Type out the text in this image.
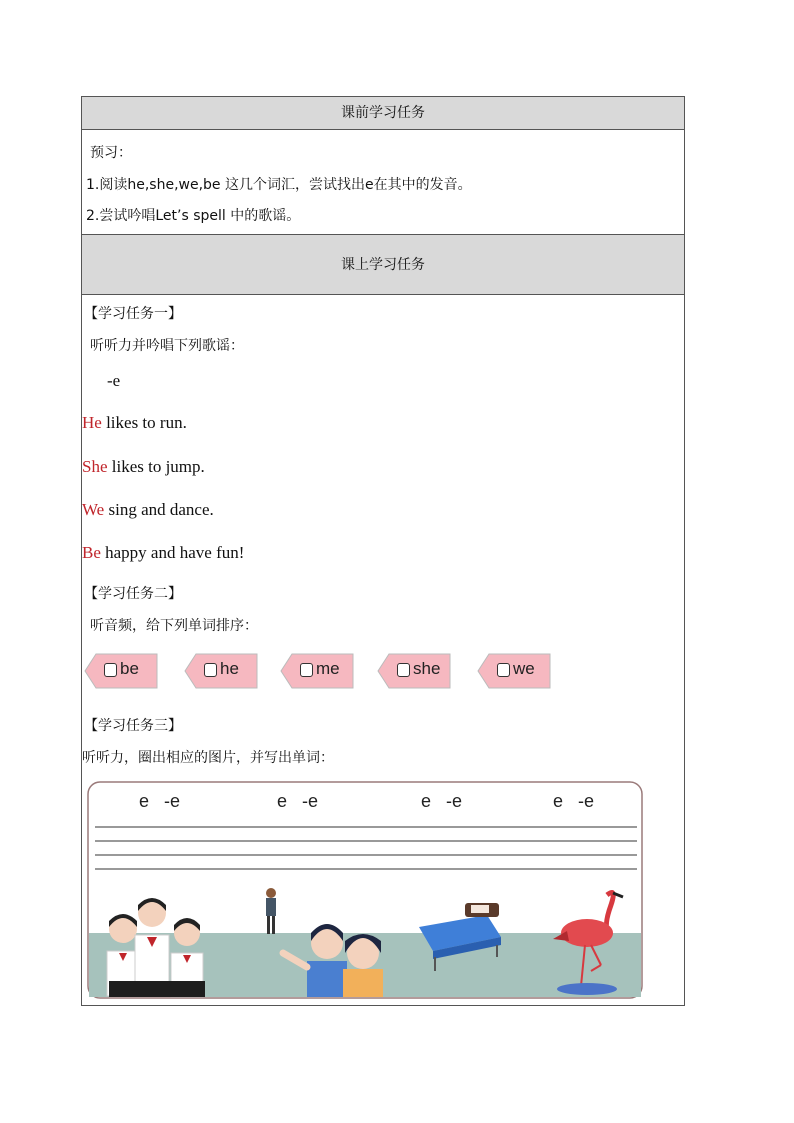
课前学习任务
预习：
1.阅读he,she,we,be 这几个词汇，尝试找出e在其中的发音。
2.尝试吟唱Let’s spell 中的歌谣。
课上学习任务
【学习任务一】
听听力并吟唱下列歌谣：
-e
He likes to run.
She likes to jump.
We sing and dance.
Be happy and have fun!
【学习任务二】
听音频，给下列单词排序：
be	he	me	she	we
【学习任务三】
听听力，圈出相应的图片，并写出单词：
e -e	e -e	e -e	e -e
